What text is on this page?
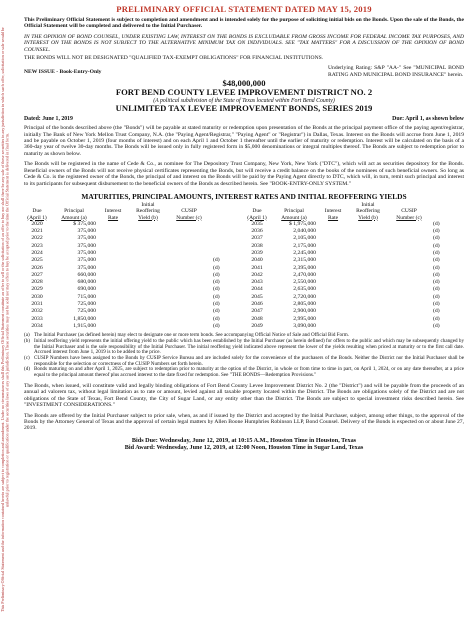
This Preliminary Official Statement and the information contained herein are subject to completion and amendment. Under no circumstances shall this Preliminary Official Statement constitute an offer to sell or the solicitation of an offer to buy nor shall there be any sale of these securities in any jurisdiction in which such offer, solicitation or sale would be unlawful prior to registration or qualification under the securities laws of any such jurisdiction. These securities may not be sold nor may offers to buy be accepted prior to the time the Official Statement is delivered in final form.
PRELIMINARY OFFICIAL STATEMENT DATED MAY 15, 2019

This Preliminary Official Statement is subject to completion and amendment and is intended solely for the purpose of soliciting initial bids on the Bonds. Upon the sale of the Bonds, the Official Statement will be completed and delivered to the Initial Purchaser.

IN THE OPINION OF BOND COUNSEL, UNDER EXISTING LAW, INTEREST ON THE BONDS IS EXCLUDABLE FROM GROSS INCOME FOR FEDERAL INCOME TAX PURPOSES, AND INTEREST ON THE BONDS IS NOT SUBJECT TO THE ALTERNATIVE MINIMUM TAX ON INDIVIDUALS. SEE "TAX MATTERS" FOR A DISCUSSION OF THE OPINION OF BOND COUNSEL.

THE BONDS WILL NOT BE DESIGNATED "QUALIFIED TAX-EXEMPT OBLIGATIONS" FOR FINANCIAL INSTITUTIONS.

NEW ISSUE - Book-Entry-Only
Underlying Rating: S&P "AA-" See "MUNICIPAL BOND RATING AND MUNICIPAL BOND INSURANCE" herein.
$48,000,000
FORT BEND COUNTY LEVEE IMPROVEMENT DISTRICT NO. 2
(A political subdivision of the State of Texas located within Fort Bend County)
UNLIMITED TAX LEVEE IMPROVEMENT BONDS, SERIES 2019
Dated: June 1, 2019	Due: April 1, as shown below

Principal of the bonds described above (the "Bonds") will be payable at stated maturity or redemption upon presentation of the Bonds at the principal payment office of the paying agent/registrar, initially The Bank of New York Mellon Trust Company, N.A. (the "Paying Agent/Registrar," "Paying Agent" or "Registrar") in Dallas, Texas. Interest on the Bonds will accrue from June 1, 2019 and be payable on October 1, 2019 (four months of interest) and on each April 1 and October 1 thereafter until the earlier of maturity or redemption. Interest will be calculated on the basis of a 360-day year of twelve 30-day months. The Bonds will be issued only in fully registered form in $5,000 denominations or integral multiples thereof. The Bonds are subject to redemption prior to maturity as shown below.

The Bonds will be registered in the name of Cede & Co., as nominee for The Depository Trust Company, New York, New York ("DTC"), which will act as securities depository for the Bonds. Beneficial owners of the Bonds will not receive physical certificates representing the Bonds, but will receive a credit balance on the books of the nominees of such beneficial owners. So long as Cede & Co. is the registered owner of the Bonds, the principal of and interest on the Bonds will be paid by the Paying Agent directly to DTC, which will, in turn, remit such principal and interest to its participants for subsequent disbursement to the beneficial owners of the Bonds as described herein. See "BOOK-ENTRY-ONLY SYSTEM."

MATURITIES, PRINCIPAL AMOUNTS, INTEREST RATES AND INITIAL REOFFERING YIELDS
			Initial						Initial		
Due	Principal	Interest	Reoffering	CUSIP		Due	Principal	Interest	Reoffering	CUSIP	
(April 1)	Amount (a)	Rate	Yield (b)	Number (c)		(April 1)	Amount (a)	Rate	Yield (b)	Number (c)	
2020	$ 375,000					2035	$ 1,975,000				(d)
2021	375,000					2036	2,040,000				(d)
2022	375,000					2037	2,105,000				(d)
2023	375,000					2038	2,175,000				(d)
2024	375,000					2039	2,245,000				(d)
2025	375,000				(d)	2040	2,315,000				(d)
2026	375,000				(d)	2041	2,395,000				(d)
2027	660,000				(d)	2042	2,470,000				(d)
2028	680,000				(d)	2043	2,550,000				(d)
2029	690,000				(d)	2044	2,635,000				(d)
2030	715,000				(d)	2045	2,720,000				(d)
2031	725,000				(d)	2046	2,805,000				(d)
2032	725,000				(d)	2047	2,900,000				(d)
2033	1,850,000				(d)	2048	2,995,000				(d)
2034	1,915,000				(d)	2049	3,090,000				(d)
(a) The Initial Purchaser (as defined herein) may elect to designate one or more term bonds. See accompanying Official Notice of Sale and Official Bid Form.
(b) Initial reoffering yield represents the initial offering yield to the public which has been established by the Initial Purchaser (as herein defined) for offers to the public and which may be subsequently changed by the Initial Purchaser and is the sole responsibility of the Initial Purchaser. The initial reoffering yield indicated above represent the lower of the yields resulting when priced at maturity or to the first call date. Accrued interest from June 1, 2019 is to be added to the price.
(c) CUSIP Numbers have been assigned to the Bonds by CUSIP Service Bureau and are included solely for the convenience of the purchasers of the Bonds. Neither the District nor the Initial Purchaser shall be responsible for the selection or correctness of the CUSIP Numbers set forth herein.
(d) Bonds maturing on and after April 1, 2025, are subject to redemption prior to maturity at the option of the District, in whole or from time to time in part, on April 1, 2024, or on any date thereafter, at a price equal to the principal amount thereof plus accrued interest to the date fixed for redemption. See "THE BONDS—Redemption Provisions."

The Bonds, when issued, will constitute valid and legally binding obligations of Fort Bend County Levee Improvement District No. 2 (the "District") and will be payable from the proceeds of an annual ad valorem tax, without legal limitation as to rate or amount, levied against all taxable property located within the District. The Bonds are obligations solely of the District and are not obligations of the State of Texas, Fort Bend County, the City of Sugar Land, or any entity other than the District. The Bonds are subject to special investment risks described herein. See "INVESTMENT CONSIDERATIONS."

The Bonds are offered by the Initial Purchaser subject to prior sale, when, as and if issued by the District and accepted by the Initial Purchaser, subject, among other things, to the approval of the Bonds by the Attorney General of Texas and the approval of certain legal matters by Allen Boone Humphries Robinson LLP, Bond Counsel. Delivery of the Bonds is expected on or about June 27, 2019.

Bids Due: Wednesday, June 12, 2019, at 10:15 A.M., Houston Time in Houston, Texas
Bid Award: Wednesday, June 12, 2019, at 12:00 Noon, Houston Time in Sugar Land, Texas
